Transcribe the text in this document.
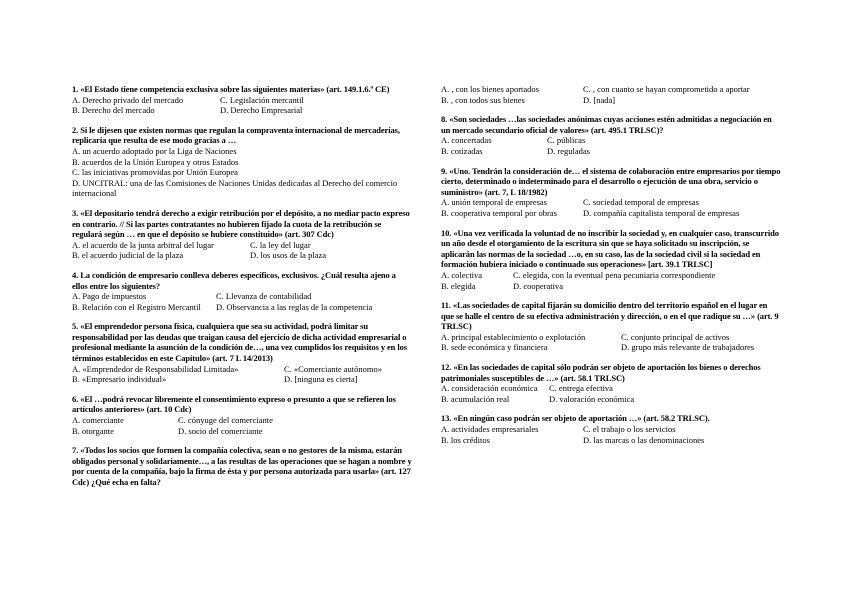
1. «El Estado tiene competencia exclusiva sobre las siguientes materias» (art. 149.1.6.ª CE)

A. Derecho privado del mercado	C. Legislación mercantil
B. Derecho del mercado	D. Derecho Empresarial

2. Si le dijesen que existen normas que regulan la compraventa internacional de mercaderías, replicaría que resulta de ese modo gracias a …

A. un acuerdo adoptado por la Liga de Naciones
B. acuerdos de la Unión Europea y otros Estados
C. las iniciativas promovidas por Unión Europea
D. UNCITRAL: una de las Comisiones de Naciones Unidas dedicadas al Derecho del comercio internacional

3. «El depositario tendrá derecho a exigir retribución por el depósito, a no mediar pacto expreso en contrario. // Si las partes contratantes no hubieren fijado la cuota de la retribución se regulará según … en que el depósito se hubiere constituido» (art. 307 Cdc)

A. el acuerdo de la junta arbitral del lugar	C. la ley del lugar
B. el acuerdo judicial de la plaza	D. los usos de la plaza

4. La condición de empresario conlleva deberes específicos, exclusivos. ¿Cuál resulta ajeno a ellos entre los siguientes?

A. Pago de impuestos	C. Llevanza de contabilidad
B. Relación con el Registro Mercantil	D. Observancia a las reglas de la competencia

5. «El emprendedor persona física, cualquiera que sea su actividad, podrá limitar su responsabilidad por las deudas que traigan causa del ejercicio de dicha actividad empresarial o profesional mediante la asunción de la condición de…, una vez cumplidos los requisitos y en los términos establecidos en este Capítulo» (art. 7 L 14/2013)

A. «Emprendedor de Responsabilidad Limitada»	C. «Comerciante autónomo»
B. «Empresario individual»	D. [ninguna es cierta]

6. «El …podrá revocar libremente el consentimiento expreso o presunto a que se refieren los artículos anteriores» (art. 10 Cdc)

A. comerciante	C. cónyuge del comerciante
B. otorgante	D. socio del comerciante

7. «Todos los socios que formen la compañía colectiva, sean o no gestores de la misma, estarán obligados personal y solidariamente…, a las resultas de las operaciones que se hagan a nombre y por cuenta de la compañía, bajo la firma de ésta y por persona autorizada para usarla» (art. 127 Cdc) ¿Qué echa en falta?

A. , con los bienes aportados	C. , con cuanto se hayan comprometido a aportar
B. , con todos sus bienes	D. [nada]

8. «Son sociedades …las sociedades anónimas cuyas acciones estén admitidas a negociación en un mercado secundario oficial de valores» (art. 495.1 TRLSC)?

A. concertadas	C. públicas
B. cotizadas	D. reguladas

9. «Uno. Tendrán la consideración de… el sistema de colaboración entre empresarios por tiempo cierto, determinado o indeterminado para el desarrollo o ejecución de una obra, servicio o suministro» (art. 7, L 18/1982)

A. unión temporal de empresas	C. sociedad temporal de empresas
B. cooperativa temporal por obras	D. compañía capitalista temporal de empresas

10. «Una vez verificada la voluntad de no inscribir la sociedad y, en cualquier caso, transcurrido un año desde el otorgamiento de la escritura sin que se haya solicitado su inscripción, se aplicarán las normas de la sociedad …o, en su caso, las de la sociedad civil si la sociedad en formación hubiera iniciado o continuado sus operaciones» [art. 39.1 TRLSC]

A. colectiva	C. elegida, con la eventual pena pecuniaria correspondiente
B. elegida	D. cooperativa

11. «Las sociedades de capital fijarán su domicilio dentro del territorio español en el lugar en que se halle el centro de su efectiva administración y dirección, o en el que radique su …» (art. 9 TRLSC)

A. principal establecimiento o explotación	C. conjunto principal de activos
B. sede económica y financiera	D. grupo más relevante de trabajadores

12. «En las sociedades de capital sólo podrán ser objeto de aportación los bienes o derechos patrimoniales susceptibles de …» (art. 58.1 TRLSC)

A. consideración económica	C. entrega efectiva
B. acumulación real	D. valoración económica

13. «En ningún caso podrán ser objeto de aportación …» (art. 58.2 TRLSC).

A. actividades empresariales	C. el trabajo o los servicios
B. los créditos	D. las marcas o las denominaciones
